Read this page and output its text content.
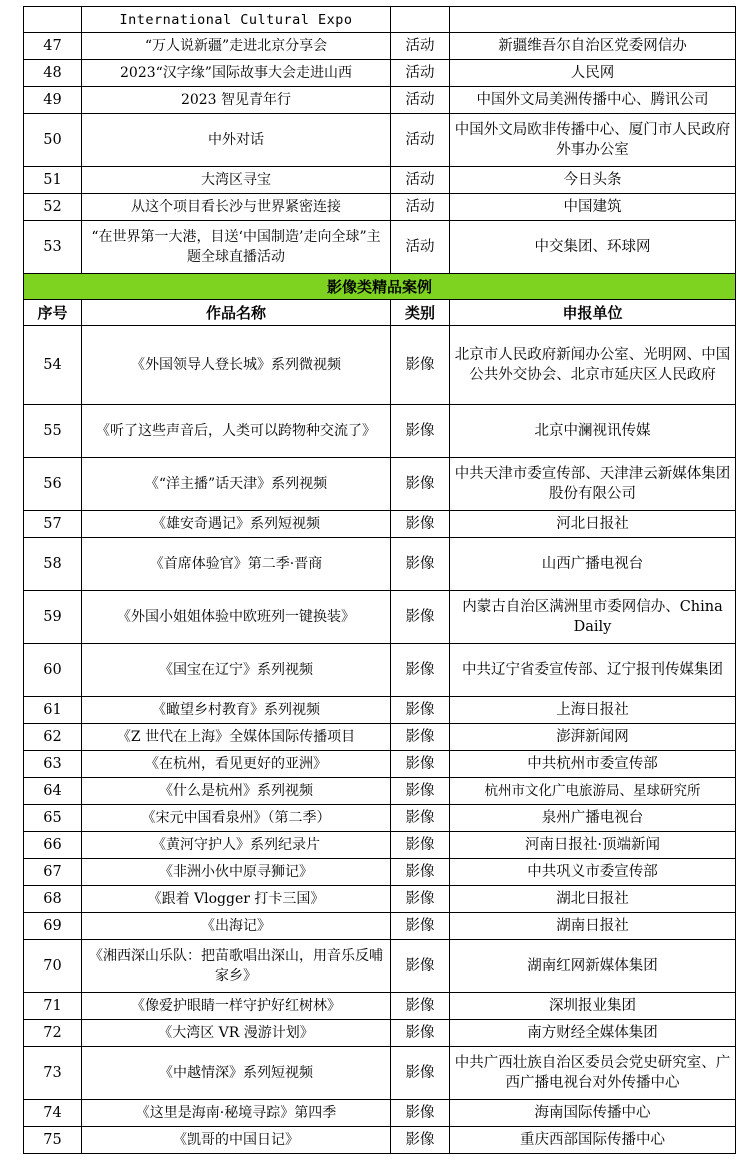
	International Cultural Expo		
47	“万人说新疆”走进北京分享会	活动	新疆维吾尔自治区党委网信办
48	2023“汉字缘”国际故事大会走进山西	活动	人民网
49	2023 智见青年行	活动	中国外文局美洲传播中心、腾讯公司
50	中外对话	活动	中国外文局欧非传播中心、厦门市人民政府外事办公室
51	大湾区寻宝	活动	今日头条
52	从这个项目看长沙与世界紧密连接	活动	中国建筑
53	“在世界第一大港，目送‘中国制造’走向全球”主题全球直播活动	活动	中交集团、环球网
影像类精品案例			
序号	作品名称	类别	申报单位
54	《外国领导人登长城》系列微视频	影像	北京市人民政府新闻办公室、光明网、中国公共外交协会、北京市延庆区人民政府
55	《听了这些声音后，人类可以跨物种交流了》	影像	北京中澜视讯传媒
56	《“洋主播”话天津》系列视频	影像	中共天津市委宣传部、天津津云新媒体集团股份有限公司
57	《雄安奇遇记》系列短视频	影像	河北日报社
58	《首席体验官》第二季·晋商	影像	山西广播电视台
59	《外国小姐姐体验中欧班列一键换装》	影像	内蒙古自治区满洲里市委网信办、China Daily
60	《国宝在辽宁》系列视频	影像	中共辽宁省委宣传部、辽宁报刊传媒集团
61	《瞰望乡村教育》系列视频	影像	上海日报社
62	《Z 世代在上海》全媒体国际传播项目	影像	澎湃新闻网
63	《在杭州，看见更好的亚洲》	影像	中共杭州市委宣传部
64	《什么是杭州》系列视频	影像	杭州市文化广电旅游局、星球研究所
65	《宋元中国看泉州》（第二季）	影像	泉州广播电视台
66	《黄河守护人》系列纪录片	影像	河南日报社·顶端新闻
67	《非洲小伙中原寻狮记》	影像	中共巩义市委宣传部
68	《跟着 Vlogger 打卡三国》	影像	湖北日报社
69	《出海记》	影像	湖南日报社
70	《湘西深山乐队：把苗歌唱出深山，用音乐反哺家乡》	影像	湖南红网新媒体集团
71	《像爱护眼睛一样守护好红树林》	影像	深圳报业集团
72	《大湾区 VR 漫游计划》	影像	南方财经全媒体集团
73	《中越情深》系列短视频	影像	中共广西壮族自治区委员会党史研究室、广西广播电视台对外传播中心
74	《这里是海南·秘境寻踪》第四季	影像	海南国际传播中心
75	《凯哥的中国日记》	影像	重庆西部国际传播中心
